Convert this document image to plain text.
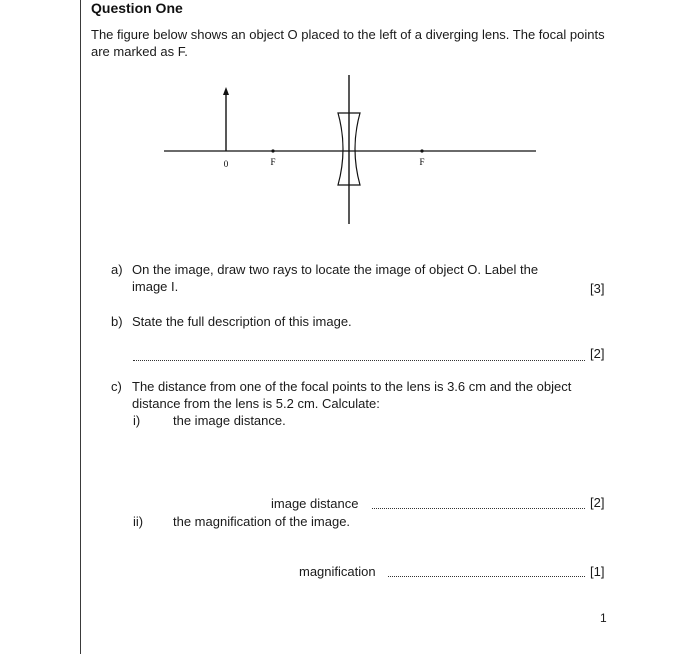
Question One
The figure below shows an object O placed to the left of a diverging lens. The focal points are marked as F.
0	F	F
a) On the image, draw two rays to locate the image of object O. Label the
image I.	[3]
b) State the full description of this image.
[2]
c) The distance from one of the focal points to the lens is 3.6 cm and the object
distance from the lens is 5.2 cm. Calculate:
i)	the image distance.
image distance	[2]
ii) the magnification of the image.
magnification	[1]
1
